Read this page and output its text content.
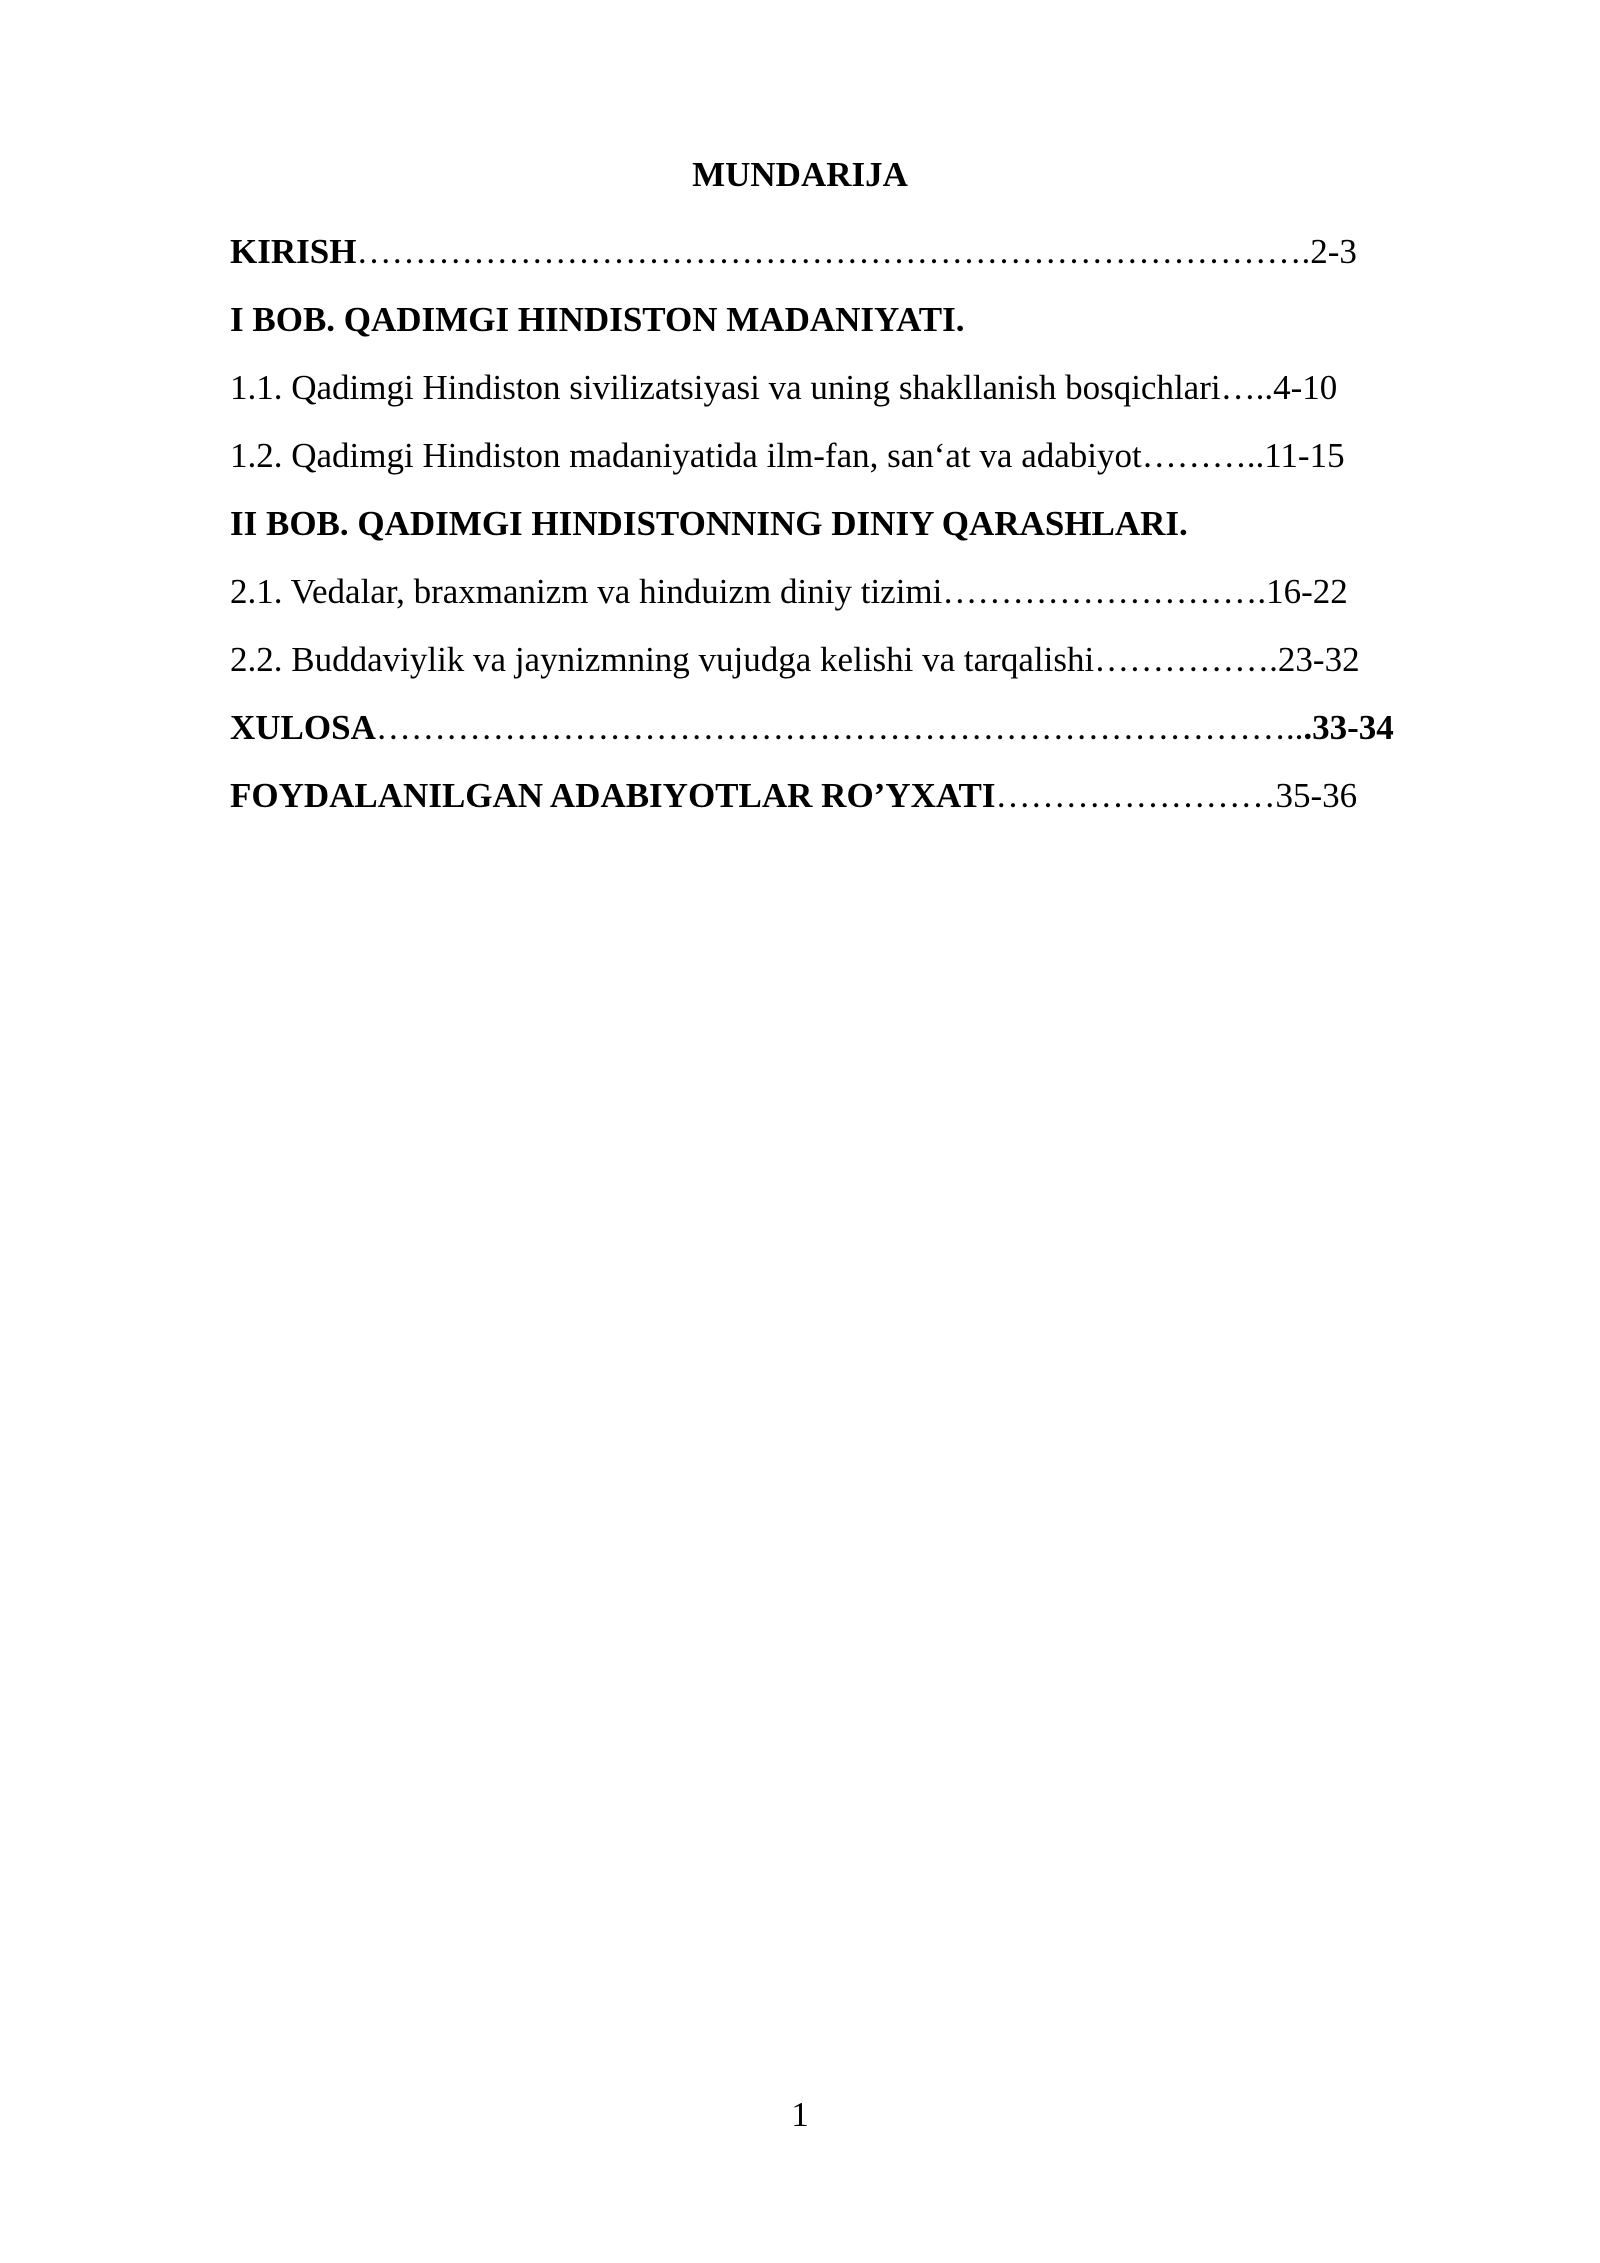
MUNDARIJA
KIRISH……………………………………………………………………….2-3
I BOB. QADIMGI HINDISTON MADANIYATI.
1.1. Qadimgi Hindiston sivilizatsiyasi va uning shakllanish bosqichlari…..4-10
1.2. Qadimgi Hindiston madaniyatida ilm-fan, san‘at va adabiyot………..11-15
II BOB. QADIMGI HINDISTONNING DINIY QARASHLARI.
2.1. Vedalar, braxmanizm va hinduizm diniy tizimi……………………….16-22
2.2. Buddaviylik va jaynizmning vujudga kelishi va tarqalishi…………….23-32
XULOSA……………………………………………………………………...33-34
FOYDALANILGAN ADABIYOTLAR RO’YXATI……………………35-36
1
